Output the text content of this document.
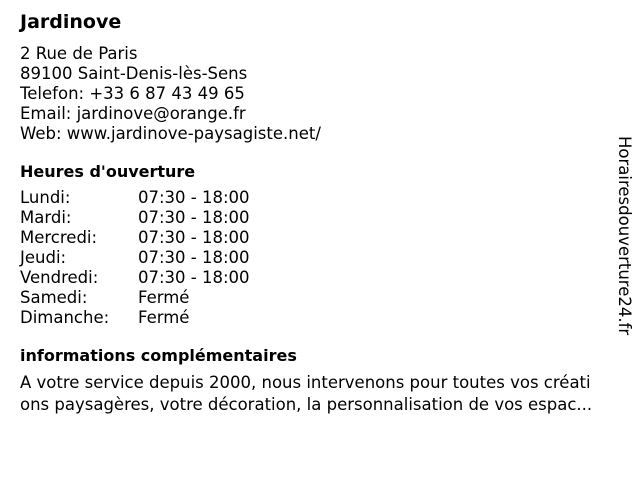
Jardinove
2 Rue de Paris
89100 Saint-Denis-lès-Sens
Telefon: +33 6 87 43 49 65
Email: jardinove@orange.fr
Web: www.jardinove-paysagiste.net/
Heures d'ouverture
Lundi:	07:30 - 18:00
Mardi:	07:30 - 18:00
Mercredi:	07:30 - 18:00
Jeudi:	07:30 - 18:00
Vendredi:	07:30 - 18:00
Samedi:	Fermé
Dimanche:	Fermé
informations complémentaires
A votre service depuis 2000, nous intervenons pour toutes vos créati
ons paysagères, votre décoration, la personnalisation de vos espac...
Horairesdouverture24.fr
